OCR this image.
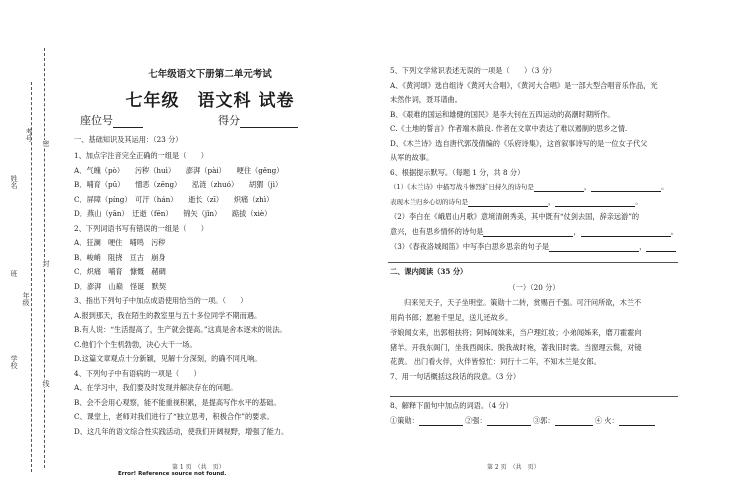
考号
姓名
班
年级
学校
密
封
线
七年级语文下册第二单元考试
七年级　语文科 试卷
座位号	得分
一、基础知识及其运用：（23 分）
1、加点字注音完全正确的一组是（　　）
A．气魄（pò）　　污秽（huì）　　澎湃（pài）　　哽住（gěng）
B．哺育（pū）　　憎恶（zēng）　　泓涟（zhuó）　　胡猬（jì）
C．屏障（píng）　可汗（hán）　　逝长（zī）　　炽痛（zhì）
D．燕山（yān）　迁逝（fēn）　　锦矢（jǐn）　　踮拔（xiè）
2、下列词语书写有错误的一组是（　　）
A．狂澜　哽住　哺鸣　污秽
B．峻峭　阻挠　亘古　崩身
C．炽痛　哺育　慷慨　赭碉
D．澎湃　山巅　怪诞　默契
3、指出下列句子中加点成语使用恰当的一项。（　　）
A.报到那天，我在陌生的教室里与五十多位同学不期而遇。
B.有人说：“生活提高了，生产就会提高。”这真是舍本逐末的说法。
C.他们个个生机勃勃，决心大干一场。
D.这篇文章观点十分新颖，见解十分深刻，的确不同凡响。
4、下列句子中有语病的一项是（　　）
A、在学习中，我们要及时发现并解决存在的问题。
B、会不会用心观察，能不能重视积累，是提高写作水平的基础。
C、课堂上，老师对我们进行了“独立思考，积极合作”的要求。
D、这几年的语文综合性实践活动，使我们开阔视野，增强了能力。
第 1 页　（共　页）
Error! Reference source not found.
5、下列文学常识表述无误的一项是（　　）（3 分）
A、《黄河颂》选自组诗《黄河大合唱》，《黄河大合唱》是一部大型合唱音乐作品，光
未然作词，聂耳谱曲。
B、《艰难的国运和雄健的国民》是李大钊在五四运动的高潮时期所作。
C.《土地的誓言》作者端木蕻良. 作者在文章中表达了难以遏制的思乡之情.
D、《木兰诗》选自唐代郭茂倩编的《乐府诗集》，这首叙事诗写的是一位女子代父
从军的故事。
6、根据提示默写。（每题 1 分，共 8 分）
（1）《木兰诗》中描写战斗惨烈扩日持久的诗句是	，	。
表现木兰归乡心切的诗句是	，	。
（2）李白在《峨眉山月歌》意境清朗秀美，其中既有“仗剑去国，辞亲远游”的
意兴，也有思乡情怀的诗句是	，	。
（3）《春夜洛城闻笛》中写李白思乡思亲的句子是	，
二、课内阅读（35 分）
（一）（20 分）
归来见天子，天子坐明堂。策勋十二转，赏赐百千强。可汗问所欲，木兰不
用尚书郎；愿驰千里足，送儿还故乡。
爷娘闻女来，出郭相扶将；阿姊闻妹来，当户理红妆；小弟闻姊来，磨刀霍霍向
猪羊。开我东阁门，坐我西阁床。脱我战时袍，著我旧时裳。当窗理云鬓，对镜
花黄。 出门看火伴，火伴皆惊忙：同行十二年，不知木兰是女郎。
7、用一句话概括这段话的段意。（3 分）
8、解释下面句中加点的词语。（4 分）
①策勋：	②强：	③郭：	④ 火：
第 2 页　（共　页）
